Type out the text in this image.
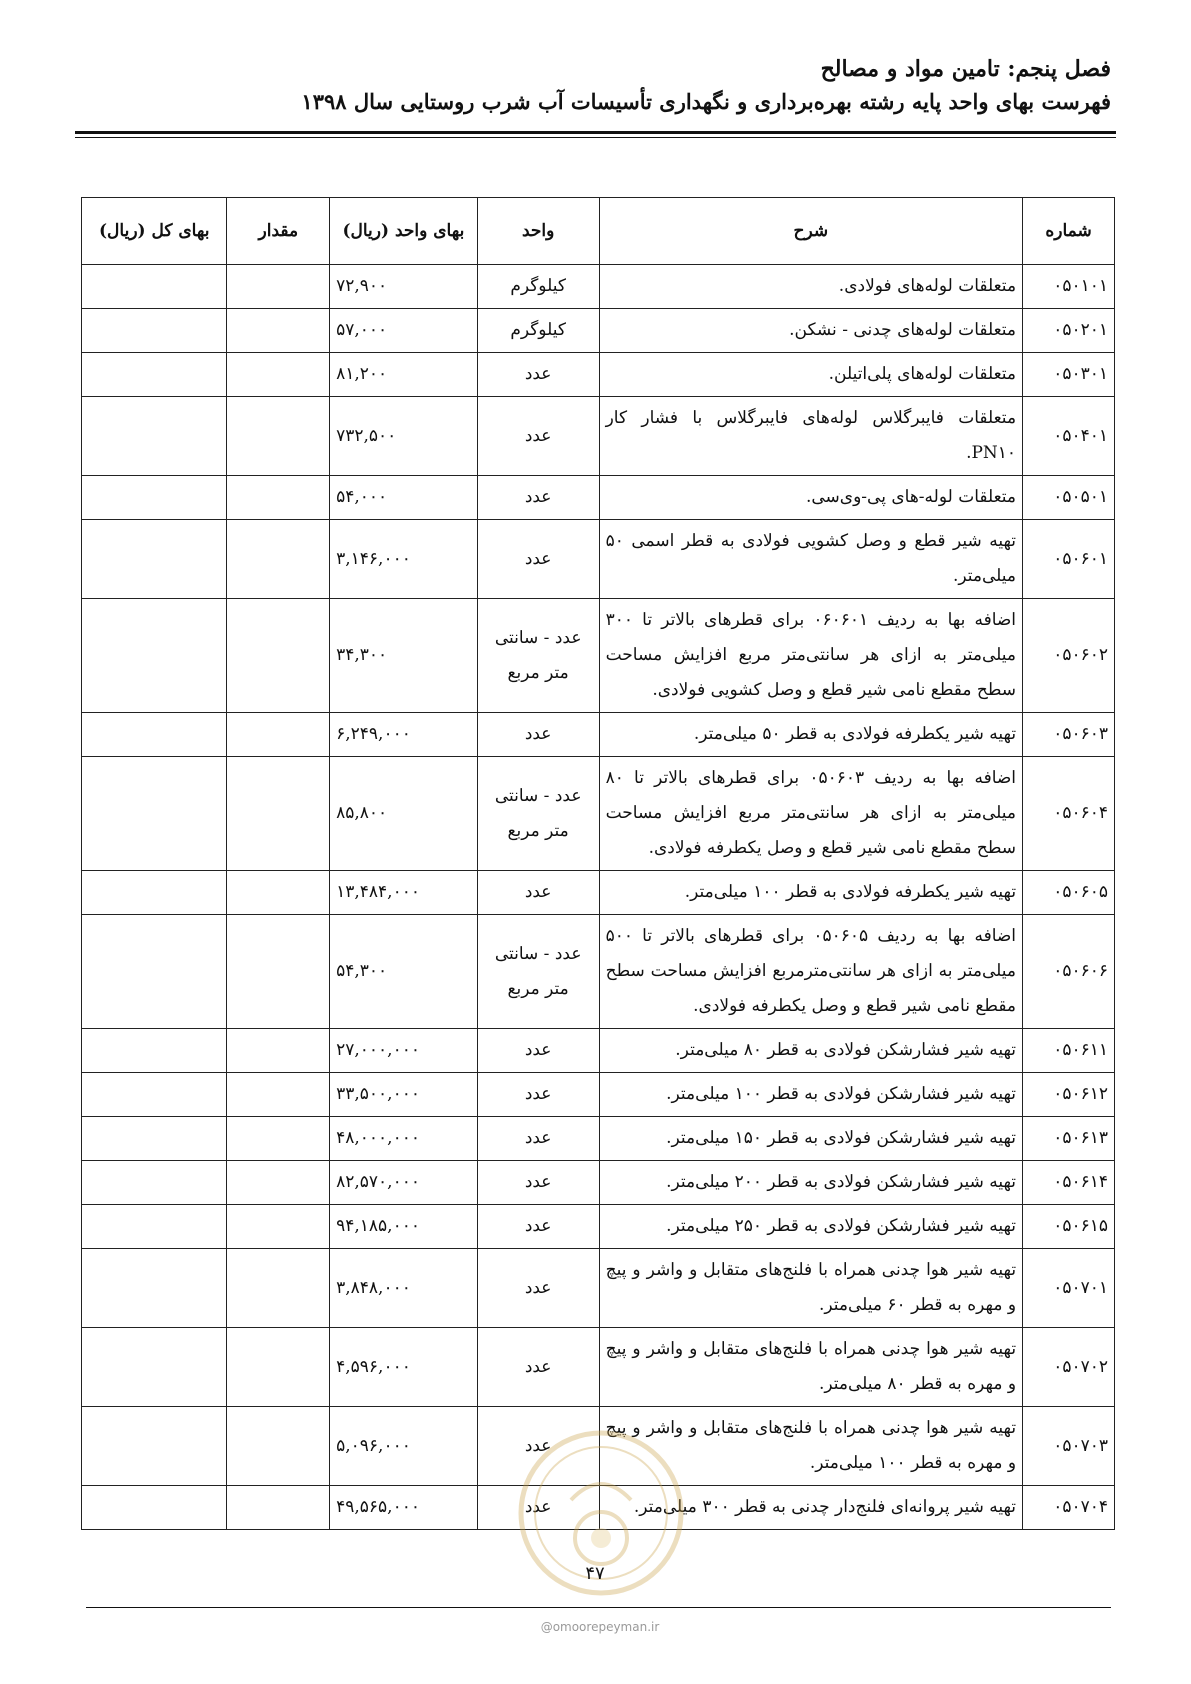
فصل پنجم: تامین مواد و مصالح
فهرست بهای واحد پایه رشته بهره‌برداری و نگهداری تأسیسات آب شرب روستایی سال ۱۳۹۸
شماره	شرح	واحد	بهای واحد (ریال)	مقدار	بهای کل (ریال)
۰۵۰۱۰۱	متعلقات لوله‌های فولادی.	کیلوگرم	۷۲,۹۰۰		
۰۵۰۲۰۱	متعلقات لوله‌های چدنی - نشکن.	کیلوگرم	۵۷,۰۰۰		
۰۵۰۳۰۱	متعلقات لوله‌های پلی‌اتیلن.	عدد	۸۱,۲۰۰		
۰۵۰۴۰۱	متعلقات فایبرگلاس لوله‌های فایبرگلاس با فشار کار PN۱۰.	عدد	۷۳۲,۵۰۰		
۰۵۰۵۰۱	متعلقات لوله‌-های پی-وی‌سی.	عدد	۵۴,۰۰۰		
۰۵۰۶۰۱	تهیه شیر قطع و وصل کشویی فولادی به قطر اسمی ۵۰ میلی‌متر.	عدد	۳,۱۴۶,۰۰۰		
۰۵۰۶۰۲	اضافه بها به ردیف ۰۶۰۶۰۱ برای قطرهای بالاتر تا ۳۰۰ میلی‌متر به ازای هر سانتی‌متر مربع افزایش مساحت سطح مقطع نامی شیر قطع و وصل کشویی فولادی.	عدد - سانتی متر مربع	۳۴,۳۰۰		
۰۵۰۶۰۳	تهیه شیر یکطرفه فولادی به قطر ۵۰ میلی‌متر.	عدد	۶,۲۴۹,۰۰۰		
۰۵۰۶۰۴	اضافه بها به ردیف ۰۵۰۶۰۳ برای قطرهای بالاتر تا ۸۰ میلی‌متر به ازای هر سانتی‌متر مربع افزایش مساحت سطح مقطع نامی شیر قطع و وصل یکطرفه فولادی.	عدد - سانتی متر مربع	۸۵,۸۰۰		
۰۵۰۶۰۵	تهیه شیر یکطرفه فولادی به قطر ۱۰۰ میلی‌متر.	عدد	۱۳,۴۸۴,۰۰۰		
۰۵۰۶۰۶	اضافه بها به ردیف ۰۵۰۶۰۵ برای قطرهای بالاتر تا ۵۰۰ میلی‌متر به ازای هر سانتی‌مترمربع افزایش مساحت سطح مقطع نامی شیر قطع و وصل یکطرفه فولادی.	عدد - سانتی متر مربع	۵۴,۳۰۰		
۰۵۰۶۱۱	تهیه شیر فشارشکن فولادی به قطر ۸۰ میلی‌متر.	عدد	۲۷,۰۰۰,۰۰۰		
۰۵۰۶۱۲	تهیه شیر فشارشکن فولادی به قطر ۱۰۰ میلی‌متر.	عدد	۳۳,۵۰۰,۰۰۰		
۰۵۰۶۱۳	تهیه شیر فشارشکن فولادی به قطر ۱۵۰ میلی‌متر.	عدد	۴۸,۰۰۰,۰۰۰		
۰۵۰۶۱۴	تهیه شیر فشارشکن فولادی به قطر ۲۰۰ میلی‌متر.	عدد	۸۲,۵۷۰,۰۰۰		
۰۵۰۶۱۵	تهیه شیر فشارشکن فولادی به قطر ۲۵۰ میلی‌متر.	عدد	۹۴,۱۸۵,۰۰۰		
۰۵۰۷۰۱	تهیه شیر هوا چدنی همراه با فلنج‌های متقابل و واشر و پیچ و مهره به قطر ۶۰ میلی‌متر.	عدد	۳,۸۴۸,۰۰۰		
۰۵۰۷۰۲	تهیه شیر هوا چدنی همراه با فلنج‌های متقابل و واشر و پیچ و مهره به قطر ۸۰ میلی‌متر.	عدد	۴,۵۹۶,۰۰۰		
۰۵۰۷۰۳	تهیه شیر هوا چدنی همراه با فلنج‌های متقابل و واشر و پیچ و مهره به قطر ۱۰۰ میلی‌متر.	عدد	۵,۰۹۶,۰۰۰		
۰۵۰۷۰۴	تهیه شیر پروانه‌ای فلنج‌دار چدنی به قطر ۳۰۰ میلی‌متر.	عدد	۴۹,۵۶۵,۰۰۰		
۴۷
@omoorepeyman.ir
